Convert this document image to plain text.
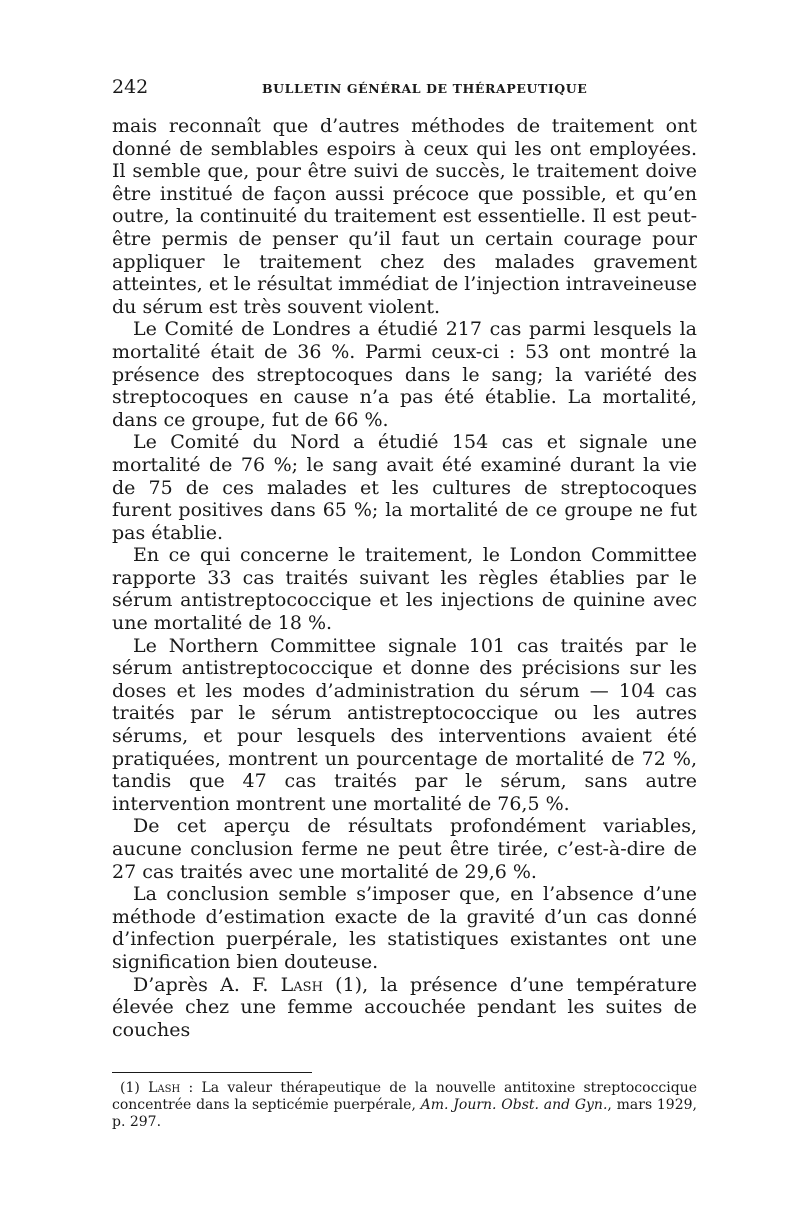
242	BULLETIN GÉNÉRAL DE THÉRAPEUTIQUE

mais reconnaît que d’autres méthodes de traitement ont donné de semblables espoirs à ceux qui les ont employées. Il semble que, pour être suivi de succès, le traitement doive être institué de façon aussi précoce que possible, et qu’en outre, la continuité du traitement est essentielle. Il est peut-être permis de penser qu’il faut un certain courage pour appliquer le traitement chez des malades gravement atteintes, et le résultat immédiat de l’injection intraveineuse du sérum est très souvent violent.

Le Comité de Londres a étudié 217 cas parmi lesquels la mortalité était de 36 %. Parmi ceux-ci : 53 ont montré la présence des streptocoques dans le sang; la variété des streptocoques en cause n’a pas été établie. La mortalité, dans ce groupe, fut de 66 %.

Le Comité du Nord a étudié 154 cas et signale une mortalité de 76 %; le sang avait été examiné durant la vie de 75 de ces malades et les cultures de streptocoques furent positives dans 65 %; la mortalité de ce groupe ne fut pas établie.

En ce qui concerne le traitement, le London Committee rapporte 33 cas traités suivant les règles établies par le sérum antistreptococcique et les injections de quinine avec une mortalité de 18 %.

Le Northern Committee signale 101 cas traités par le sérum antistreptococcique et donne des précisions sur les doses et les modes d’administration du sérum — 104 cas traités par le sérum antistreptococcique ou les autres sérums, et pour lesquels des interventions avaient été pratiquées, montrent un pourcentage de mortalité de 72 %, tandis que 47 cas traités par le sérum, sans autre intervention montrent une mortalité de 76,5 %.

De cet aperçu de résultats profondément variables, aucune conclusion ferme ne peut être tirée, c’est-à-dire de 27 cas traités avec une mortalité de 29,6 %.

La conclusion semble s’imposer que, en l’absence d’une méthode d’estimation exacte de la gravité d’un cas donné d’infection puerpérale, les statistiques existantes ont une signification bien douteuse.

D’après A. F. Lash (1), la présence d’une température élevée chez une femme accouchée pendant les suites de couches

(1) Lash : La valeur thérapeutique de la nouvelle antitoxine streptococcique concentrée dans la septicémie puerpérale, Am. Journ. Obst. and Gyn., mars 1929, p. 297.
